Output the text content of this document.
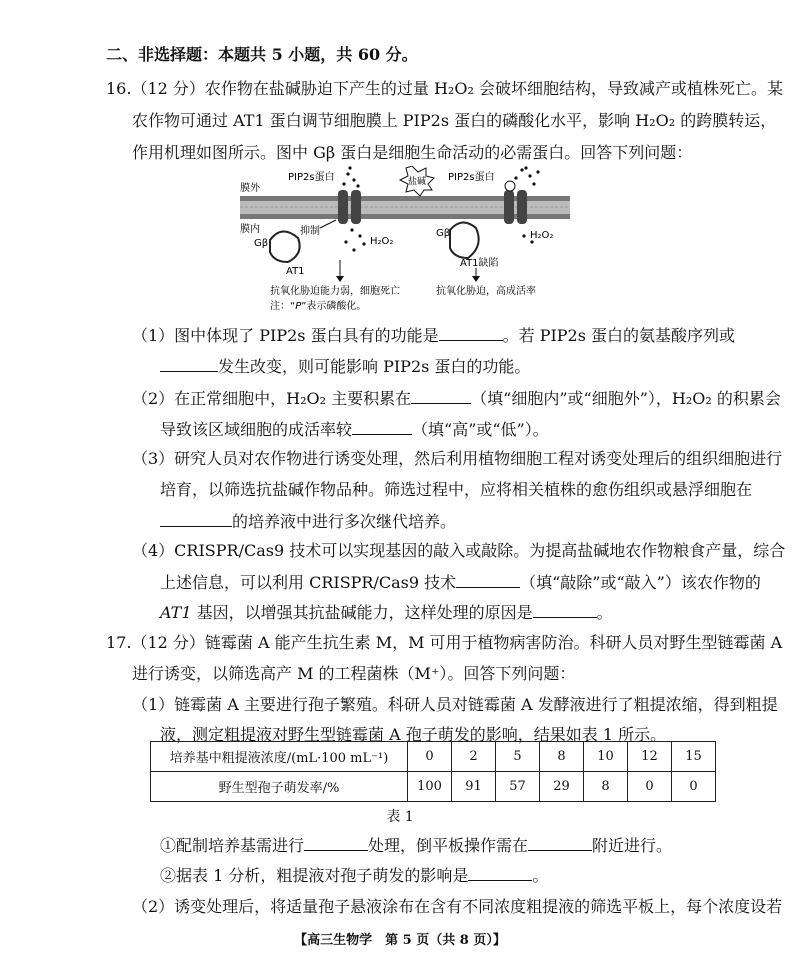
二、非选择题：本题共 5 小题，共 60 分。
16.（12 分）农作物在盐碱胁迫下产生的过量 H₂O₂ 会破坏细胞结构，导致减产或植株死亡。某
农作物可通过 AT1 蛋白调节细胞膜上 PIP2s 蛋白的磷酸化水平，影响 H₂O₂ 的跨膜转运，
作用机理如图所示。图中 Gβ 蛋白是细胞生命活动的必需蛋白。回答下列问题：
膜外
膜内
PIP2s蛋白
抑制
Gβ
AT1
H₂O₂
抗氧化胁迫能力弱，细胞死亡
注：“P”表示磷酸化。
盐碱 PIP2s蛋白
Gβ
AT1缺陷
H₂O₂
抗氧化胁迫，高成活率
（1）图中体现了 PIP2s 蛋白具有的功能是	。若 PIP2s 蛋白的氨基酸序列或
发生改变，则可能影响 PIP2s 蛋白的功能。
（2）在正常细胞中，H₂O₂ 主要积累在	（填“细胞内”或“细胞外”），H₂O₂ 的积累会
导致该区域细胞的成活率较	（填“高”或“低”）。
（3）研究人员对农作物进行诱变处理，然后利用植物细胞工程对诱变处理后的组织细胞进行
培育，以筛选抗盐碱作物品种。筛选过程中，应将相关植株的愈伤组织或悬浮细胞在
的培养液中进行多次继代培养。
（4）CRISPR/Cas9 技术可以实现基因的敲入或敲除。为提高盐碱地农作物粮食产量，综合
上述信息，可以利用 CRISPR/Cas9 技术	（填“敲除”或“敲入”）该农作物的
AT1 基因，以增强其抗盐碱能力，这样处理的原因是	。
17.（12 分）链霉菌 A 能产生抗生素 M，M 可用于植物病害防治。科研人员对野生型链霉菌 A
进行诱变，以筛选高产 M 的工程菌株（M⁺）。回答下列问题：
（1）链霉菌 A 主要进行孢子繁殖。科研人员对链霉菌 A 发酵液进行了粗提浓缩，得到粗提
液，测定粗提液对野生型链霉菌 A 孢子萌发的影响，结果如表 1 所示。
培养基中粗提液浓度/(mL·100 mL⁻¹)	0	2	5	8	10	12	15
野生型孢子萌发率/%	100	91	57	29	8	0	0
表 1
①配制培养基需进行	处理，倒平板操作需在	附近进行。
②据表 1 分析，粗提液对孢子萌发的影响是	。
（2）诱变处理后，将适量孢子悬液涂布在含有不同浓度粗提液的筛选平板上，每个浓度设若
【高三生物学　第 5 页（共 8 页）】
